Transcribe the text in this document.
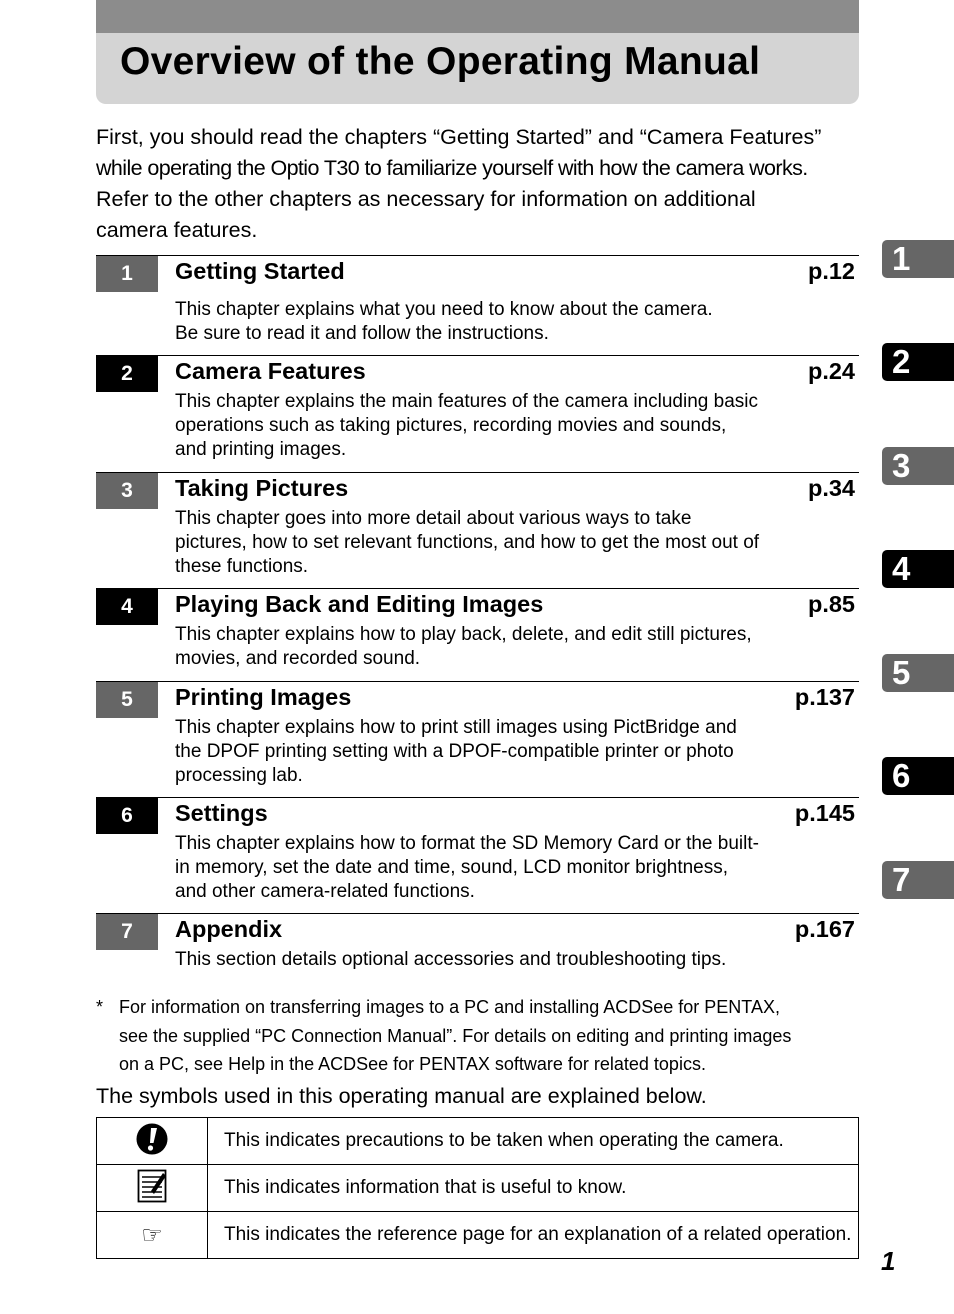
Overview of the Operating Manual

First, you should read the chapters “Getting Started” and “Camera Features”
while operating the Optio T30 to familiarize yourself with how the camera works.
Refer to the other chapters as necessary for information on additional
camera features.

1	Getting Started	p.12

This chapter explains what you need to know about the camera.
Be sure to read it and follow the instructions.

2	Camera Features	p.24

This chapter explains the main features of the camera including basic
operations such as taking pictures, recording movies and sounds,
and printing images.

3	Taking Pictures	p.34

This chapter goes into more detail about various ways to take
pictures, how to set relevant functions, and how to get the most out of
these functions.

4	Playing Back and Editing Images	p.85

This chapter explains how to play back, delete, and edit still pictures,
movies, and recorded sound.

5	Printing Images	p.137

This chapter explains how to print still images using PictBridge and
the DPOF printing setting with a DPOF-compatible printer or photo
processing lab.

6	Settings	p.145

This chapter explains how to format the SD Memory Card or the built-
in memory, set the date and time, sound, LCD monitor brightness,
and other camera-related functions.

7	Appendix	p.167

This section details optional accessories and troubleshooting tips.

* For information on transferring images to a PC and installing ACDSee for PENTAX,
see the supplied “PC Connection Manual”. For details on editing and printing images
on a PC, see Help in the ACDSee for PENTAX software for related topics.

The symbols used in this operating manual are explained below.

	This indicates precautions to be taken when operating the camera.
	This indicates information that is useful to know.
☞	This indicates the reference page for an explanation of a related operation.
1
2
3
4
5
6
7
1
